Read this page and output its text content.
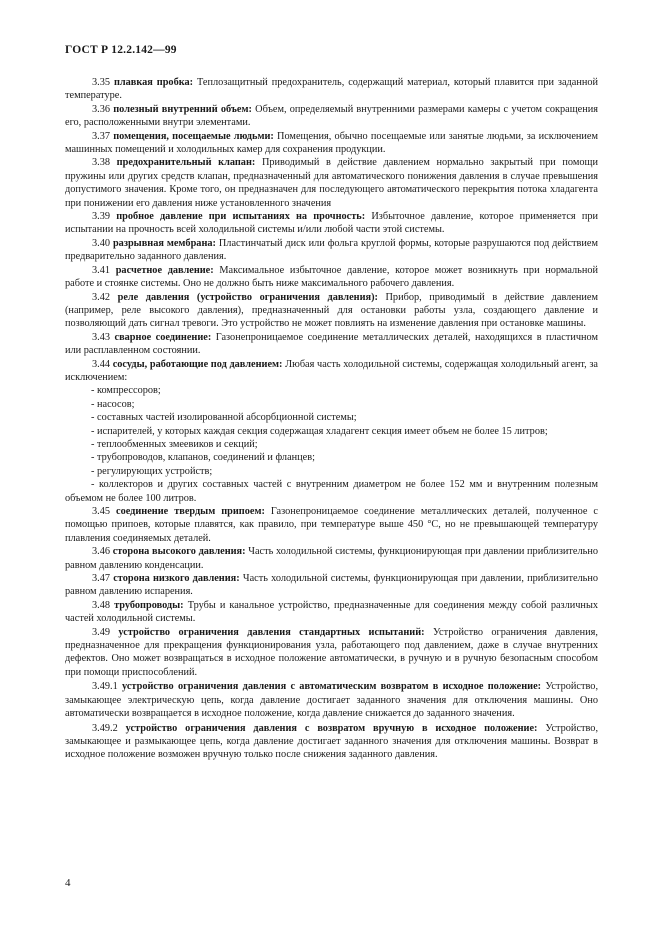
ГОСТ Р 12.2.142—99

3.35 плавкая пробка: Теплозащитный предохранитель, содержащий материал, который плавится при заданной температуре.

3.36 полезный внутренний объем: Объем, определяемый внутренними размерами камеры с учетом сокращения его, расположенными внутри элементами.

3.37 помещения, посещаемые людьми: Помещения, обычно посещаемые или занятые людьми, за исключением машинных помещений и холодильных камер для сохранения продукции.

3.38 предохранительный клапан: Приводимый в действие давлением нормально закрытый при помощи пружины или других средств клапан, предназначенный для автоматического понижения давления в случае превышения допустимого значения. Кроме того, он предназначен для последующего автоматического перекрытия потока хладагента при понижении его давления ниже установленного значения

3.39 пробное давление при испытаниях на прочность: Избыточное давление, которое применяется при испытании на прочность всей холодильной системы и/или любой части этой системы.

3.40 разрывная мембрана: Пластинчатый диск или фольга круглой формы, которые разрушаются под действием предварительно заданного давления.

3.41 расчетное давление: Максимальное избыточное давление, которое может возникнуть при нормальной работе и стоянке системы. Оно не должно быть ниже максимального рабочего давления.

3.42 реле давления (устройство ограничения давления): Прибор, приводимый в действие давлением (например, реле высокого давления), предназначенный для остановки работы узла, создающего давление и позволяющий дать сигнал тревоги. Это устройство не может повлиять на изменение давления при остановке машины.

3.43 сварное соединение: Газонепроницаемое соединение металлических деталей, находящихся в пластичном или расплавленном состоянии.

3.44 сосуды, работающие под давлением: Любая часть холодильной системы, содержащая холодильный агент, за исключением:

- компрессоров;

- насосов;

- составных частей изолированной абсорбционной системы;

- испарителей, у которых каждая секция содержащая хладагент секция имеет объем не более 15 литров;

- теплообменных змеевиков и секций;

- трубопроводов, клапанов, соединений и фланцев;

- регулирующих устройств;

- коллекторов и других составных частей с внутренним диаметром не более 152 мм и внутренним полезным объемом не более 100 литров.

3.45 соединение твердым припоем: Газонепроницаемое соединение металлических деталей, полученное с помощью припоев, которые плавятся, как правило, при температуре выше 450 °С, но не превышающей температуру плавления соединяемых деталей.

3.46 сторона высокого давления: Часть холодильной системы, функционирующая при давлении приблизительно равном давлению конденсации.

3.47 сторона низкого давления: Часть холодильной системы, функционирующая при давлении, приблизительно равном давлению испарения.

3.48 трубопроводы: Трубы и канальное устройство, предназначенные для соединения между собой различных частей холодильной системы.

3.49 устройство ограничения давления стандартных испытаний: Устройство ограничения давления, предназначенное для прекращения функционирования узла, работающего под давлением, даже в случае внутренних дефектов. Оно может возвращаться в исходное положение автоматически, в ручную и в ручную безопасным способом при помощи приспособлений.

3.49.1 устройство ограничения давления с автоматическим возвратом в исходное положение: Устройство, замыкающее электрическую цепь, когда давление достигает заданного значения для отключения машины. Оно автоматически возвращается в исходное положение, когда давление снижается до заданного значения.

3.49.2 устройство ограничения давления с возвратом вручную в исходное положение: Устройство, замыкающее и размыкающее цепь, когда давление достигает заданного значения для отключения машины. Возврат в исходное положение возможен вручную только после снижения заданного давления.

4
